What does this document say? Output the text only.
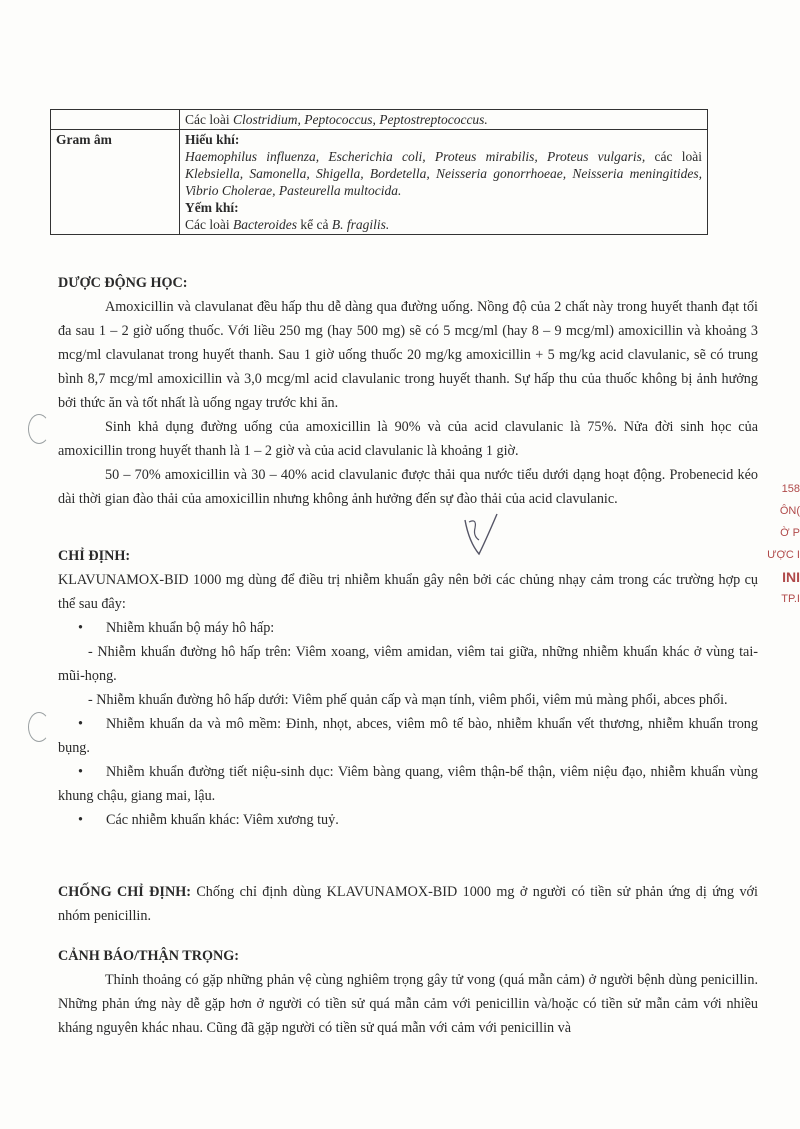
158
ÔN(
Ờ P
ƯỢC I
INI
TP.I
	Các loài Clostridium, Peptococcus, Peptostreptococcus.
Gram âm	Hiếu khí:
Haemophilus influenza, Escherichia coli, Proteus mirabilis, Proteus vulgaris, các loài Klebsiella, Samonella, Shigella, Bordetella, Neisseria gonorrhoeae, Neisseria meningitides, Vibrio Cholerae, Pasteurella multocida.
Yếm khí:
Các loài Bacteroides kể cả B. fragilis.
DƯỢC ĐỘNG HỌC:

Amoxicillin và clavulanat đều hấp thu dễ dàng qua đường uống. Nồng độ của 2 chất này trong huyết thanh đạt tối đa sau 1 – 2 giờ uống thuốc. Với liều 250 mg (hay 500 mg) sẽ có 5 mcg/ml (hay 8 – 9 mcg/ml) amoxicillin và khoảng 3 mcg/ml clavulanat trong huyết thanh. Sau 1 giờ uống thuốc 20 mg/kg amoxicillin + 5 mg/kg acid clavulanic, sẽ có trung bình 8,7 mcg/ml amoxicillin và 3,0 mcg/ml acid clavulanic trong huyết thanh. Sự hấp thu của thuốc không bị ảnh hưởng bởi thức ăn và tốt nhất là uống ngay trước khi ăn.

Sinh khả dụng đường uống của amoxicillin là 90% và của acid clavulanic là 75%. Nửa đời sinh học của amoxicillin trong huyết thanh là 1 – 2 giờ và của acid clavulanic là khoảng 1 giờ.

50 – 70% amoxicillin và 30 – 40% acid clavulanic được thải qua nước tiểu dưới dạng hoạt động. Probenecid kéo dài thời gian đào thải của amoxicillin nhưng không ảnh hưởng đến sự đào thải của acid clavulanic.

CHỈ ĐỊNH:

KLAVUNAMOX-BID 1000 mg dùng để điều trị nhiễm khuẩn gây nên bởi các chủng nhạy cảm trong các trường hợp cụ thể sau đây:

• Nhiễm khuẩn bộ máy hô hấp:

- Nhiễm khuẩn đường hô hấp trên: Viêm xoang, viêm amidan, viêm tai giữa, những nhiễm khuẩn khác ở vùng tai- mũi-họng.

- Nhiễm khuẩn đường hô hấp dưới: Viêm phế quản cấp và mạn tính, viêm phổi, viêm mủ màng phổi, abces phổi.

• Nhiễm khuẩn da và mô mềm: Đinh, nhọt, abces, viêm mô tế bào, nhiễm khuẩn vết thương, nhiễm khuẩn trong bụng.

• Nhiễm khuẩn đường tiết niệu-sinh dục: Viêm bàng quang, viêm thận-bể thận, viêm niệu đạo, nhiễm khuẩn vùng khung chậu, giang mai, lậu.

• Các nhiễm khuẩn khác: Viêm xương tuỷ.

CHỐNG CHỈ ĐỊNH: Chống chỉ định dùng KLAVUNAMOX-BID 1000 mg ở người có tiền sử phản ứng dị ứng với nhóm penicillin.

CẢNH BÁO/THẬN TRỌNG:

Thỉnh thoảng có gặp những phản vệ cùng nghiêm trọng gây tử vong (quá mẫn cảm) ở người bệnh dùng penicillin. Những phản ứng này dễ gặp hơn ở người có tiền sử quá mẫn cảm với penicillin và/hoặc có tiền sử mẫn cảm với nhiều kháng nguyên khác nhau. Cũng đã gặp người có tiền sử quá mẫn với cảm với penicillin và
